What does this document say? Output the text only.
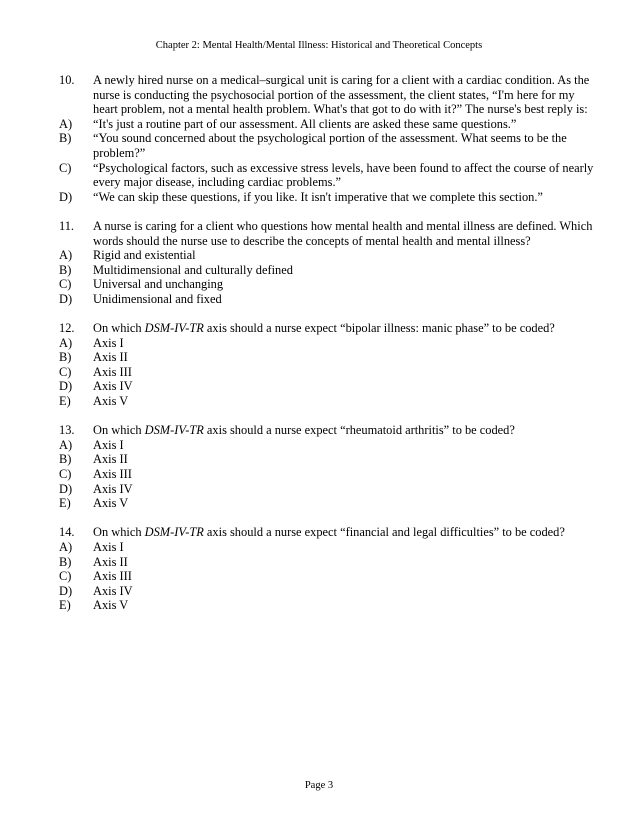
Chapter 2: Mental Health/Mental Illness: Historical and Theoretical Concepts
10. A newly hired nurse on a medical–surgical unit is caring for a client with a cardiac condition. As the nurse is conducting the psychosocial portion of the assessment, the client states, “I'm here for my heart problem, not a mental health problem. What's that got to do with it?” The nurse's best reply is:
A)	“It's just a routine part of our assessment. All clients are asked these same questions.”
B)	“You sound concerned about the psychological portion of the assessment. What seems to be the problem?”
C)	“Psychological factors, such as excessive stress levels, have been found to affect the course of nearly every major disease, including cardiac problems.”
D)	“We can skip these questions, if you like. It isn't imperative that we complete this section.”
11. A nurse is caring for a client who questions how mental health and mental illness are defined. Which words should the nurse use to describe the concepts of mental health and mental illness?
A)	Rigid and existential
B)	Multidimensional and culturally defined
C)	Universal and unchanging
D)	Unidimensional and fixed
12. On which DSM-IV-TR axis should a nurse expect “bipolar illness: manic phase” to be coded?
A)	Axis I
B)	Axis II
C)	Axis III
D)	Axis IV
E)	Axis V
13. On which DSM-IV-TR axis should a nurse expect “rheumatoid arthritis” to be coded?
A)	Axis I
B)	Axis II
C)	Axis III
D)	Axis IV
E)	Axis V
14. On which DSM-IV-TR axis should a nurse expect “financial and legal difficulties” to be coded?
A)	Axis I
B)	Axis II
C)	Axis III
D)	Axis IV
E)	Axis V
Page 3
